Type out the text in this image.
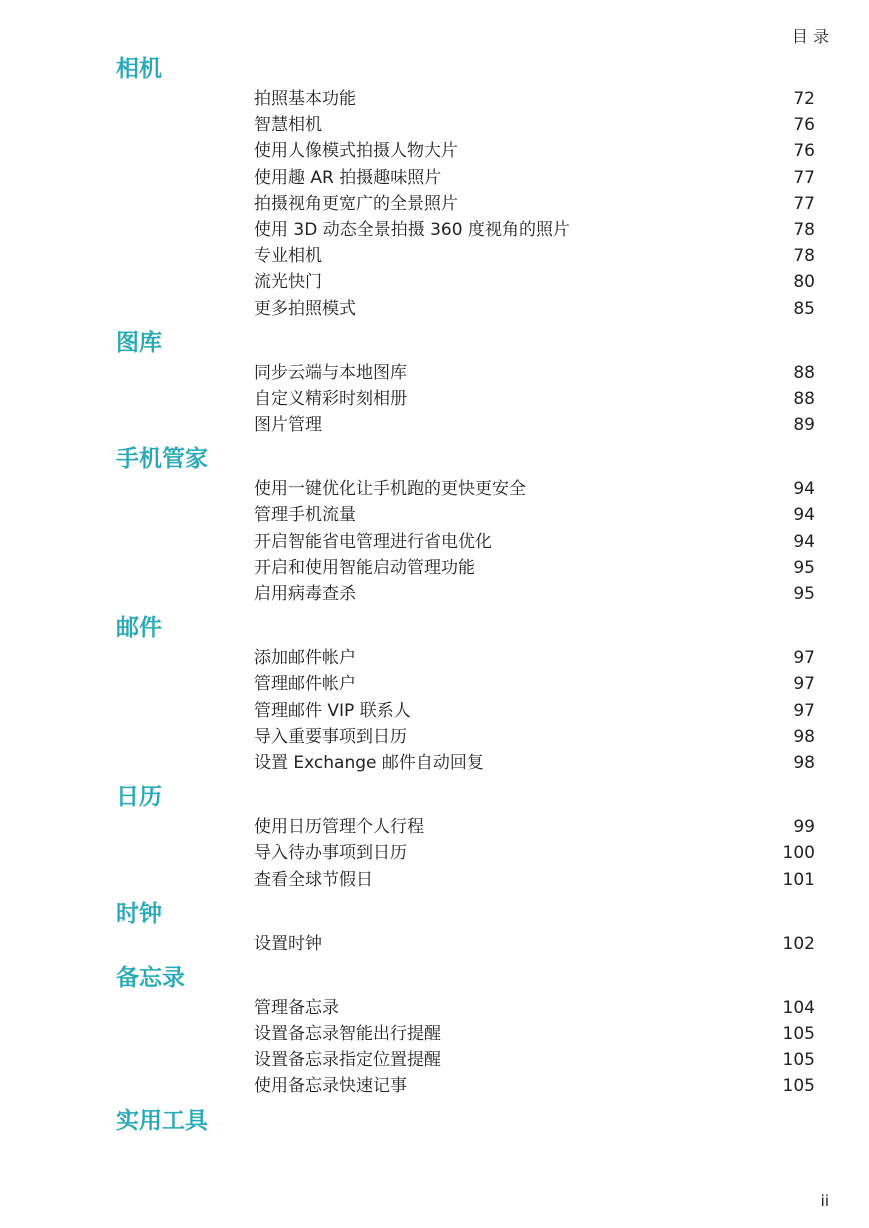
目 录
相机
拍照基本功能	72
智慧相机	76
使用人像模式拍摄人物大片	76
使用趣 AR 拍摄趣味照片	77
拍摄视角更宽广的全景照片	77
使用 3D 动态全景拍摄 360 度视角的照片	78
专业相机	78
流光快门	80
更多拍照模式	85
图库
同步云端与本地图库	88
自定义精彩时刻相册	88
图片管理	89
手机管家
使用一键优化让手机跑的更快更安全	94
管理手机流量	94
开启智能省电管理进行省电优化	94
开启和使用智能启动管理功能	95
启用病毒查杀	95
邮件
添加邮件帐户	97
管理邮件帐户	97
管理邮件 VIP 联系人	97
导入重要事项到日历	98
设置 Exchange 邮件自动回复	98
日历
使用日历管理个人行程	99
导入待办事项到日历	100
查看全球节假日	101
时钟
设置时钟	102
备忘录
管理备忘录	104
设置备忘录智能出行提醒	105
设置备忘录指定位置提醒	105
使用备忘录快速记事	105
实用工具
ii
